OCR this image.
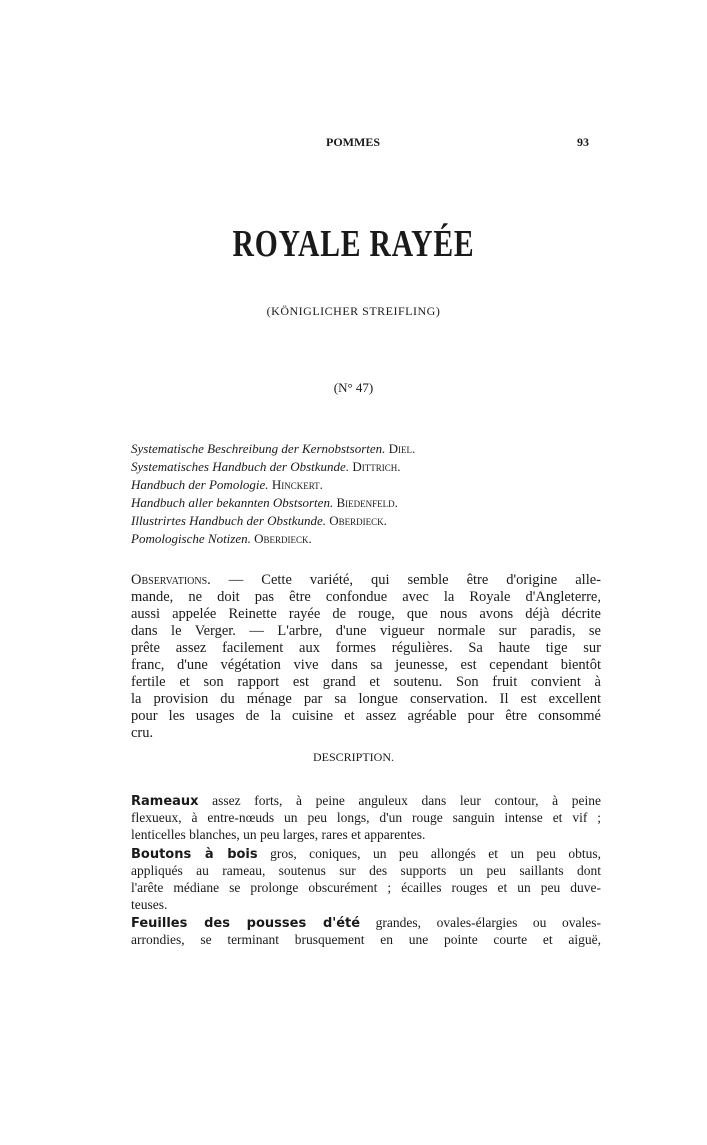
POMMES	93
ROYALE RAYÉE
(KÖNIGLICHER STREIFLING)
(N° 47)
Systematische Beschreibung der Kernobstsorten. Diel.
Systematisches Handbuch der Obstkunde. Dittrich.
Handbuch der Pomologie. Hinckert.
Handbuch aller bekannten Obstsorten. Biedenfeld.
Illustrirtes Handbuch der Obstkunde. Oberdieck.
Pomologische Notizen. Oberdieck.
Observations. — Cette variété, qui semble être d'origine alle-
mande, ne doit pas être confondue avec la Royale d'Angleterre,
aussi appelée Reinette rayée de rouge, que nous avons déjà décrite
dans le Verger. — L'arbre, d'une vigueur normale sur paradis, se
prête assez facilement aux formes régulières. Sa haute tige sur
franc, d'une végétation vive dans sa jeunesse, est cependant bientôt
fertile et son rapport est grand et soutenu. Son fruit convient à
la provision du ménage par sa longue conservation. Il est excellent
pour les usages de la cuisine et assez agréable pour être consommé
cru.
DESCRIPTION.
Rameaux assez forts, à peine anguleux dans leur contour, à peine
flexueux, à entre-nœuds un peu longs, d'un rouge sanguin intense et vif ;
lenticelles blanches, un peu larges, rares et apparentes.
Boutons à bois gros, coniques, un peu allongés et un peu obtus,
appliqués au rameau, soutenus sur des supports un peu saillants dont
l'arête médiane se prolonge obscurément ; écailles rouges et un peu duve-
teuses.
Feuilles des pousses d'été grandes, ovales-élargies ou ovales-
arrondies, se terminant brusquement en une pointe courte et aiguë,
